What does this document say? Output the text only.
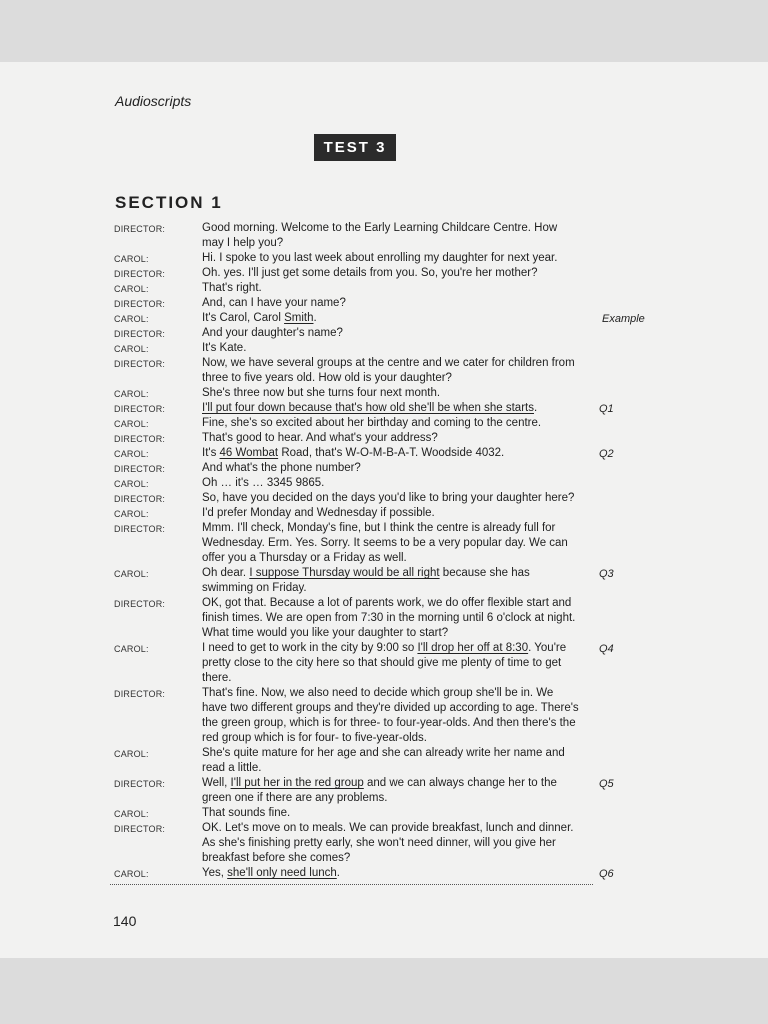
Audioscripts
TEST 3
SECTION 1
DIRECTOR:	Good morning. Welcome to the Early Learning Childcare Centre. How
may I help you?
CAROL:	Hi. I spoke to you last week about enrolling my daughter for next year.
DIRECTOR:	Oh. yes. I'll just get some details from you. So, you're her mother?
CAROL:	That's right.
DIRECTOR:	And, can I have your name?
CAROL:	It's Carol, Carol Smith.	Example
DIRECTOR:	And your daughter's name?
CAROL:	It's Kate.
DIRECTOR:	Now, we have several groups at the centre and we cater for children from
three to five years old. How old is your daughter?
CAROL:	She's three now but she turns four next month.
DIRECTOR:	I'll put four down because that's how old she'll be when she starts.	Q1
CAROL:	Fine, she's so excited about her birthday and coming to the centre.
DIRECTOR:	That's good to hear. And what's your address?
CAROL:	It's 46 Wombat Road, that's W-O-M-B-A-T. Woodside 4032.	Q2
DIRECTOR:	And what's the phone number?
CAROL:	Oh … it's … 3345 9865.
DIRECTOR:	So, have you decided on the days you'd like to bring your daughter here?
CAROL:	I'd prefer Monday and Wednesday if possible.
DIRECTOR:	Mmm. I'll check, Monday's fine, but I think the centre is already full for
Wednesday. Erm. Yes. Sorry. It seems to be a very popular day. We can
offer you a Thursday or a Friday as well.
CAROL:	Oh dear. I suppose Thursday would be all right because she has	Q3
swimming on Friday.
DIRECTOR:	OK, got that. Because a lot of parents work, we do offer flexible start and
finish times. We are open from 7:30 in the morning until 6 o'clock at night.
What time would you like your daughter to start?
CAROL:	I need to get to work in the city by 9:00 so I'll drop her off at 8:30. You're	Q4
pretty close to the city here so that should give me plenty of time to get
there.
DIRECTOR:	That's fine. Now, we also need to decide which group she'll be in. We
have two different groups and they're divided up according to age. There's
the green group, which is for three- to four-year-olds. And then there's the
red group which is for four- to five-year-olds.
CAROL:	She's quite mature for her age and she can already write her name and
read a little.
DIRECTOR:	Well, I'll put her in the red group and we can always change her to the	Q5
green one if there are any problems.
CAROL:	That sounds fine.
DIRECTOR:	OK. Let's move on to meals. We can provide breakfast, lunch and dinner.
As she's finishing pretty early, she won't need dinner, will you give her
breakfast before she comes?
CAROL:	Yes, she'll only need lunch.	Q6
140
